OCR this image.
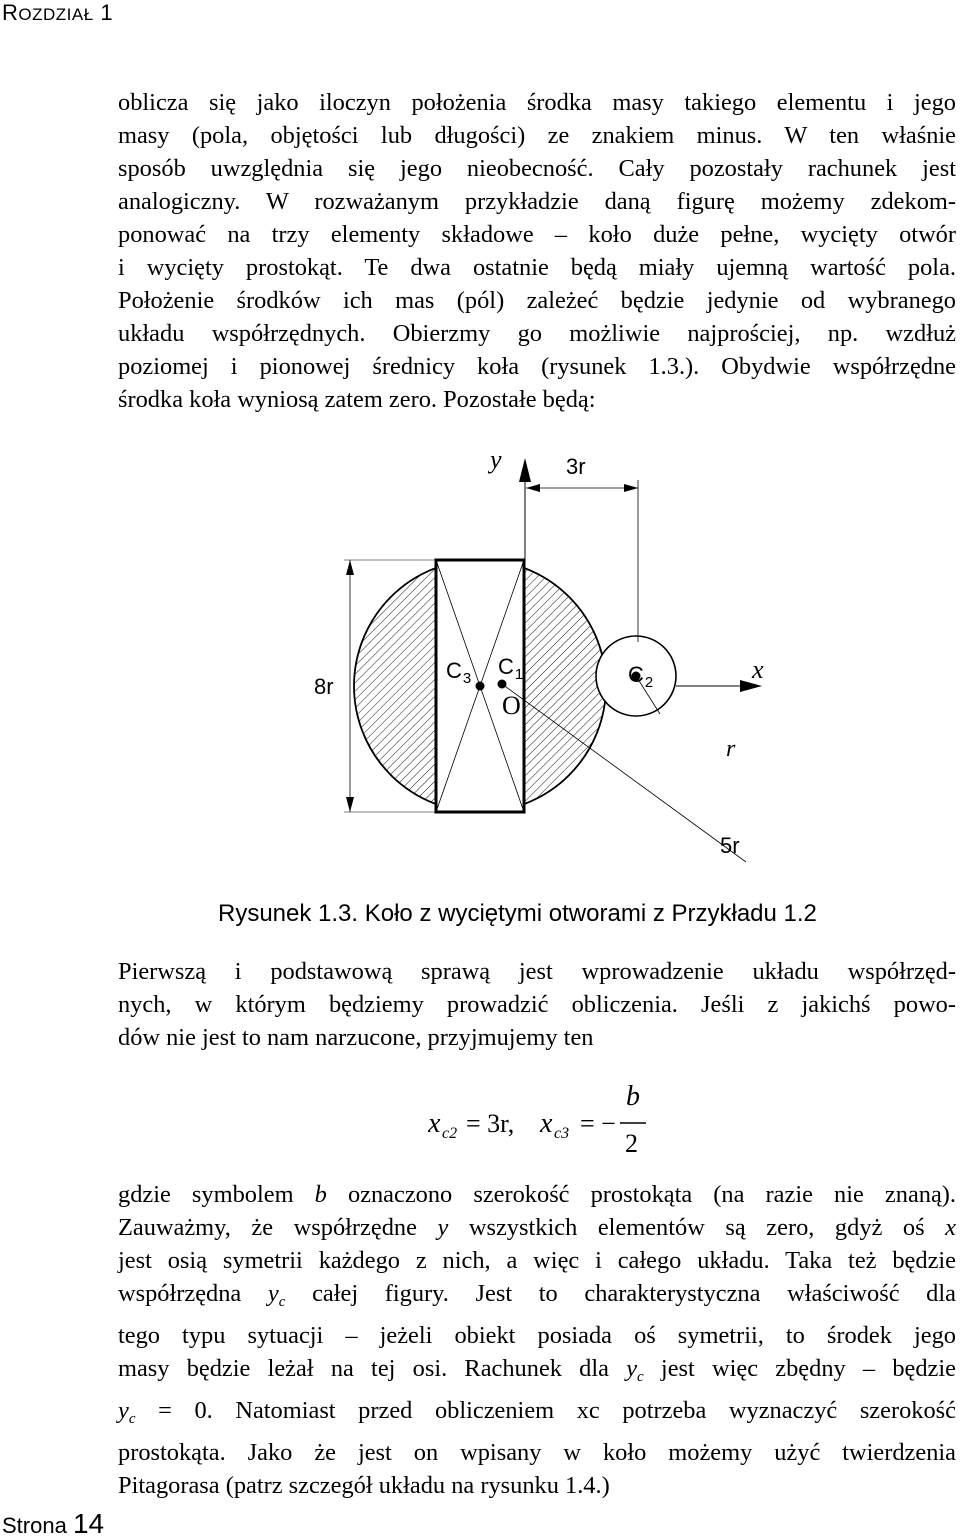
ROZDZIAŁ 1
oblicza się jako iloczyn położenia środka masy takiego elementu i jego
masy (pola, objętości lub długości) ze znakiem minus. W ten właśnie
sposób uwzględnia się jego nieobecność. Cały pozostały rachunek jest
analogiczny. W rozważanym przykładzie daną figurę możemy zdekom-
ponować na trzy elementy składowe – koło duże pełne, wycięty otwór
i wycięty prostokąt. Te dwa ostatnie będą miały ujemną wartość pola.
Położenie środków ich mas (pól) zależeć będzie jedynie od wybranego
układu współrzędnych. Obierzmy go możliwie najprościej, np. wzdłuż
poziomej i pionowej średnicy koła (rysunek 1.3.). Obydwie współrzędne
środka koła wyniosą zatem zero. Pozostałe będą:
y	3r
x
8r
$C_3$ $C_1$	$C_2$
O
r
5r
Rysunek 1.3. Koło z wyciętymi otworami z Przykładu 1.2
Pierwszą i podstawową sprawą jest wprowadzenie układu współrzęd-
nych, w którym będziemy prowadzić obliczenia. Jeśli z jakichś powo-
dów nie jest to nam narzucone, przyjmujemy ten
x c2 = 3r, x c3 = −
b
2
gdzie symbolem b oznaczono szerokość prostokąta (na razie nie znaną).
Zauważmy, że współrzędne y wszystkich elementów są zero, gdyż oś x
jest osią symetrii każdego z nich, a więc i całego układu. Taka też będzie
współrzędna $y_c$ całej figury. Jest to charakterystyczna właściwość dla
tego typu sytuacji – jeżeli obiekt posiada oś symetrii, to środek jego
masy będzie leżał na tej osi. Rachunek dla $y_c$ jest więc zbędny – będzie
$y_c = 0$. Natomiast przed obliczeniem xc potrzeba wyznaczyć szerokość
prostokąta. Jako że jest on wpisany w koło możemy użyć twierdzenia
Pitagorasa (patrz szczegół układu na rysunku 1.4.)
Strona 14
